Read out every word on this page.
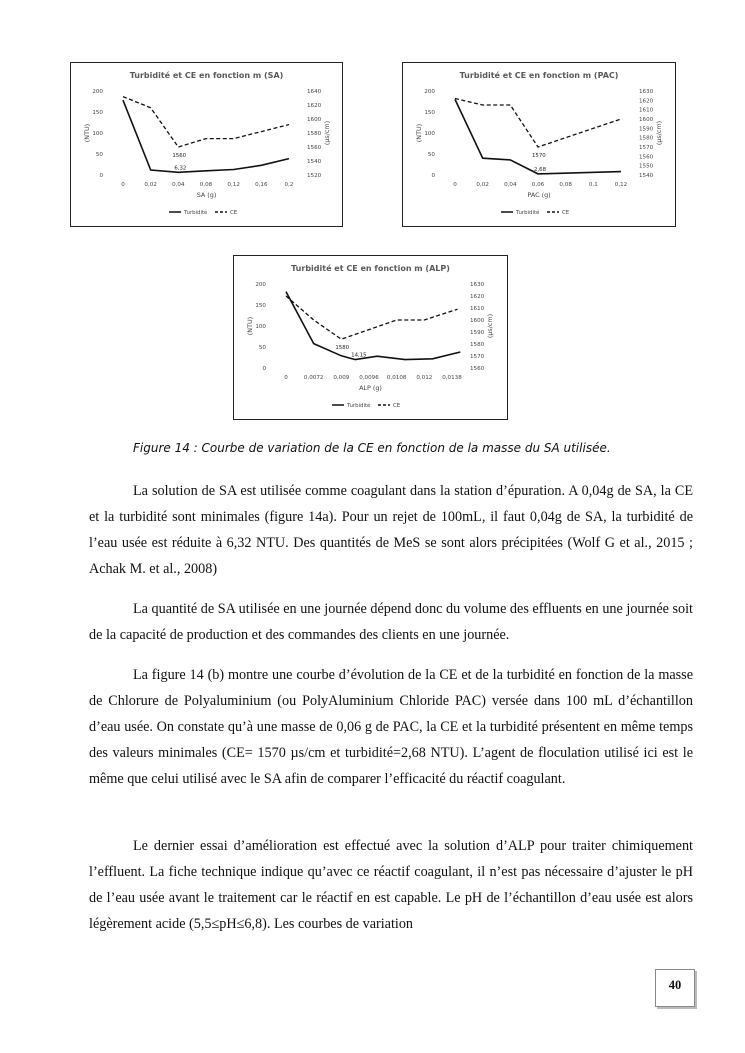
Turbidité et CE en fonction m (SA)
0
50
100
150
200
1520
1540
1560
1580
1600
1620
1640
0	0,02	0,04	0,08	0,12	0,16	0,2
SA (g)
(NTU)	(µs/cm)
1560
6,32
Turbidité	CE
Turbidité et CE en fonction m (PAC)
0
50
100
150
200
1540
1550
1560
1570
1580
1590
1600
1610
1620
1630
0	0,02	0,04	0,06	0,08	0,1	0,12
PAC (g)
(NTU)	(µs/cm)
1570
2,68
Turbidité	CE
Turbidité et CE en fonction m (ALP)
0
50
100
150
200
1560
1570
1580
1590
1600
1610
1620
1630
0	0,0072 0,009 0,0096 0,0108 0,012 0,0138
ALP (g)
(NTU)	(µs/cm)
1580
14,15
Turbidité	CE
Figure 14 : Courbe de variation de la CE en fonction de la masse du SA utilisée.

La solution de SA est utilisée comme coagulant dans la station d’épuration. A 0,04g de SA, la CE et la turbidité sont minimales (figure 14a). Pour un rejet de 100mL, il faut 0,04g de SA, la turbidité de l’eau usée est réduite à 6,32 NTU. Des quantités de MeS se sont alors précipitées (Wolf G et al., 2015 ; Achak M. et al., 2008)

La quantité de SA utilisée en une journée dépend donc du volume des effluents en une journée soit de la capacité de production et des commandes des clients en une journée.

La figure 14 (b) montre une courbe d’évolution de la CE et de la turbidité en fonction de la masse de Chlorure de Polyaluminium (ou PolyAluminium Chloride PAC) versée dans 100 mL d’échantillon d’eau usée. On constate qu’à une masse de 0,06 g de PAC, la CE et la turbidité présentent en même temps des valeurs minimales (CE= 1570 µs/cm et turbidité=2,68 NTU). L’agent de floculation utilisé ici est le même que celui utilisé avec le SA afin de comparer l’efficacité du réactif coagulant.

Le dernier essai d’amélioration est effectué avec la solution d’ALP pour traiter chimiquement l’effluent. La fiche technique indique qu’avec ce réactif coagulant, il n’est pas nécessaire d’ajuster le pH de l’eau usée avant le traitement car le réactif en est capable. Le pH de l’échantillon d’eau usée est alors légèrement acide (5,5≤pH≤6,8). Les courbes de variation

40
